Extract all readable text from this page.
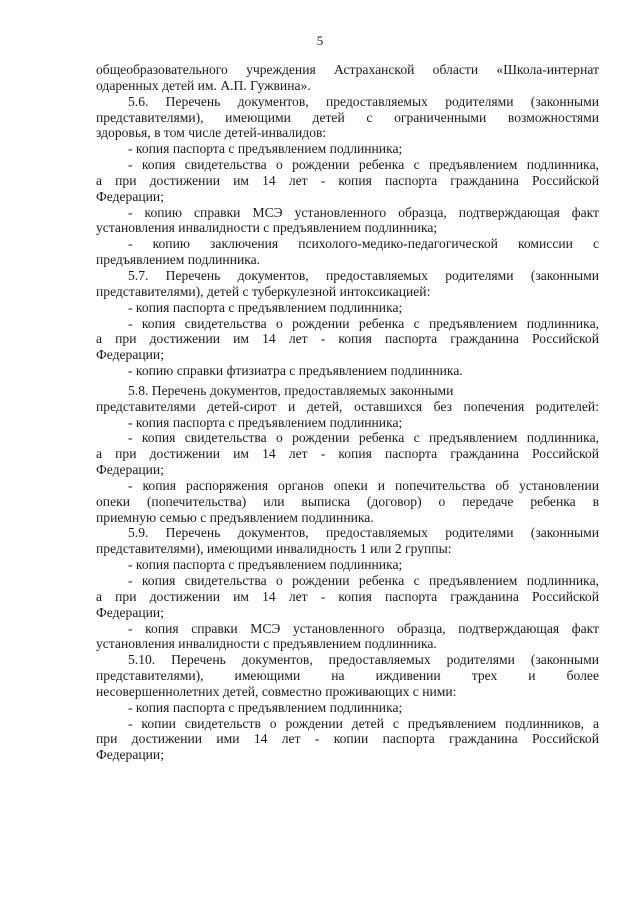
5
общеобразовательного учреждения Астраханской области «Школа-интернат
одаренных детей им. А.П. Гужвина».
5.6. Перечень документов, предоставляемых родителями (законными
представителями), имеющими детей с ограниченными возможностями
здоровья, в том числе детей-инвалидов:
- копия паспорта с предъявлением подлинника;
- копия свидетельства о рождении ребенка с предъявлением подлинника,
а при достижении им 14 лет - копия паспорта гражданина Российской
Федерации;
- копию справки МСЭ установленного образца, подтверждающая факт
установления инвалидности с предъявлением подлинника;
- копию заключения психолого-медико-педагогической комиссии с
предъявлением подлинника.
5.7. Перечень документов, предоставляемых родителями (законными
представителями), детей с туберкулезной интоксикацией:
- копия паспорта с предъявлением подлинника;
- копия свидетельства о рождении ребенка с предъявлением подлинника,
а при достижении им 14 лет - копия паспорта гражданина Российской
Федерации;
- копию справки фтизиатра с предъявлением подлинника.
5.8. Перечень документов, предоставляемых законными
представителями детей-сирот и детей, оставшихся без попечения родителей:
- копия паспорта с предъявлением подлинника;
- копия свидетельства о рождении ребенка с предъявлением подлинника,
а при достижении им 14 лет - копия паспорта гражданина Российской
Федерации;
- копия распоряжения органов опеки и попечительства об установлении
опеки (попечительства) или выписка (договор) о передаче ребенка в
приемную семью с предъявлением подлинника.
5.9. Перечень документов, предоставляемых родителями (законными
представителями), имеющими инвалидность 1 или 2 группы:
- копия паспорта с предъявлением подлинника;
- копия свидетельства о рождении ребенка с предъявлением подлинника,
а при достижении им 14 лет - копия паспорта гражданина Российской
Федерации;
- копия справки МСЭ установленного образца, подтверждающая факт
установления инвалидности с предъявлением подлинника.
5.10. Перечень документов, предоставляемых родителями (законными
представителями), имеющими на иждивении трех и более
несовершеннолетних детей, совместно проживающих с ними:
- копия паспорта с предъявлением подлинника;
- копии свидетельств о рождении детей с предъявлением подлинников, а
при достижении ими 14 лет - копии паспорта гражданина Российской
Федерации;
